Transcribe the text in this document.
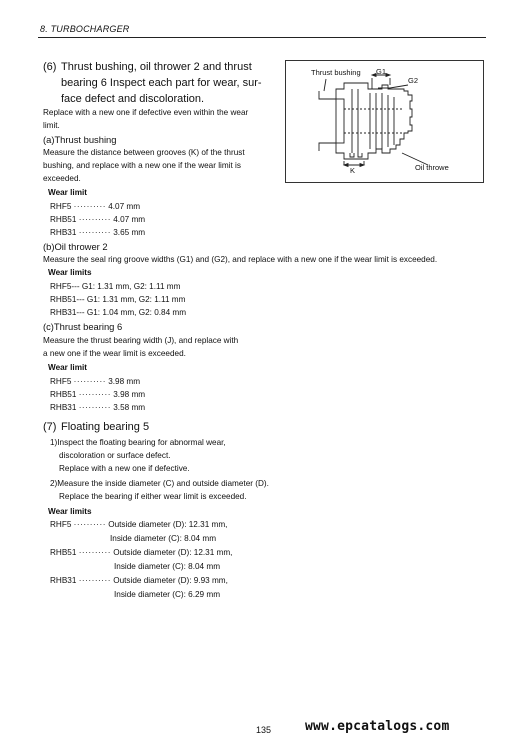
8. TURBOCHARGER
(6) Thrust bushing, oil thrower 2 and thrust
bearing 6 Inspect each part for wear, sur-
face defect and discoloration.
Replace with a new one if defective even within the wear
limit.
(a)Thrust bushing
Measure the distance between grooves (K) of the thrust
bushing, and replace with a new one if the wear limit is
exceeded.
Wear limit
RHF5 ·········· 4.07 mm
RHB51 ·········· 4.07 mm
RHB31 ·········· 3.65 mm
(b)Oil thrower 2
Measure the seal ring groove widths (G1) and (G2), and replace with a new one if the wear limit is exceeded.
Wear limits
RHF5--- G1: 1.31 mm, G2: 1.11 mm
RHB51--- G1: 1.31 mm, G2: 1.11 mm
RHB31--- G1: 1.04 mm, G2: 0.84 mm
(c)Thrust bearing 6
Measure the thrust bearing width (J), and replace with
a new one if the wear limit is exceeded.
Wear limit
RHF5 ·········· 3.98 mm
RHB51 ·········· 3.98 mm
RHB31 ·········· 3.58 mm
(7) Floating bearing 5
1)Inspect the floating bearing for abnormal wear,
discoloration or surface defect.
Replace with a new one if defective.
2)Measure the inside diameter (C) and outside diameter (D).
Replace the bearing if either wear limit is exceeded.
Wear limits
RHF5 ·········· Outside diameter (D): 12.31 mm,
Inside diameter (C): 8.04 mm
RHB51 ·········· Outside diameter (D): 12.31 mm,
Inside diameter (C): 8.04 mm
RHB31 ·········· Outside diameter (D): 9.93 mm,
Inside diameter (C): 6.29 mm
Thrust bushing G1
G2
K	Oil throwe
135	www.epcatalogs.com
